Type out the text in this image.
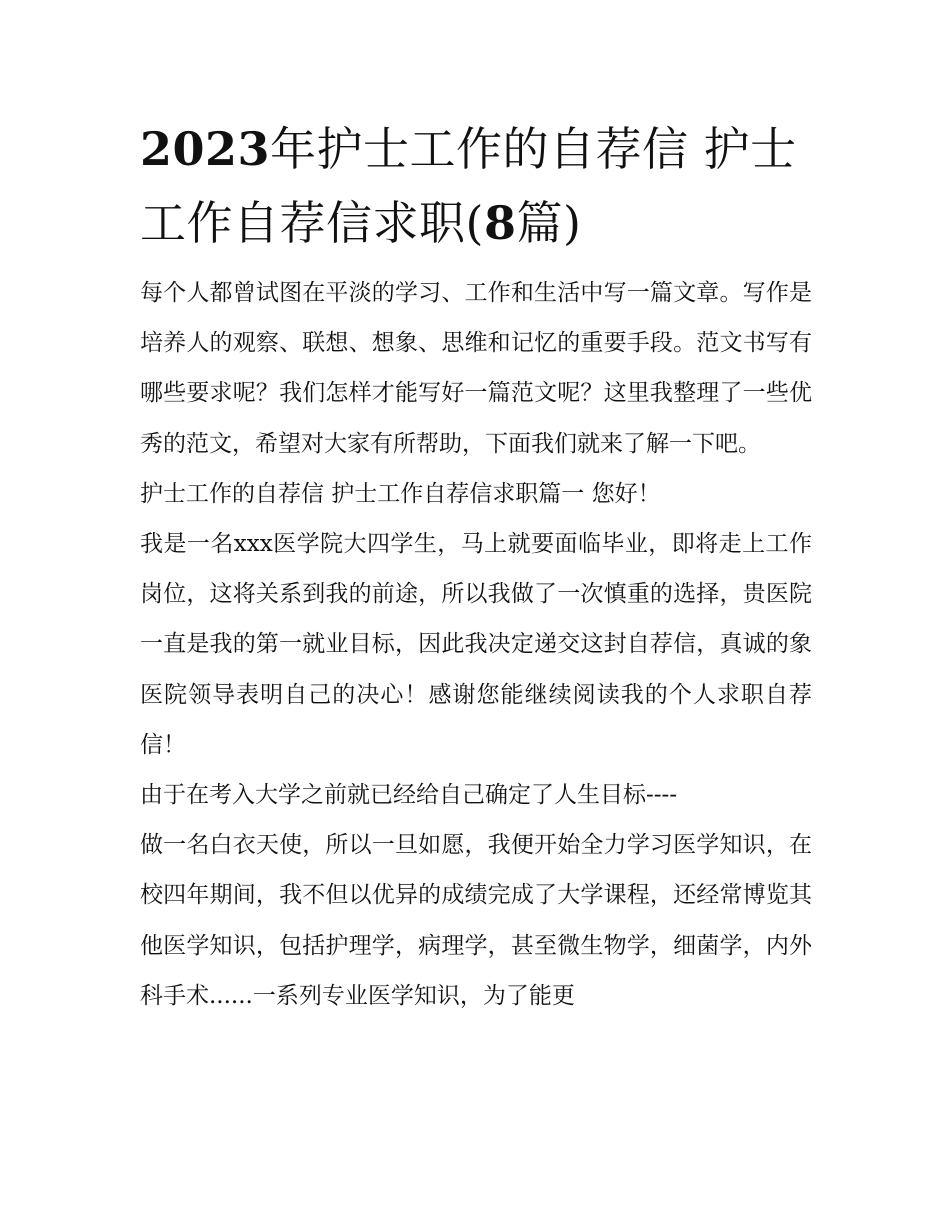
2023年护士工作的自荐信 护士工作自荐信求职(8篇)

每个人都曾试图在平淡的学习、工作和生活中写一篇文章。写作是培养人的观察、联想、想象、思维和记忆的重要手段。范文书写有哪些要求呢？我们怎样才能写好一篇范文呢？这里我整理了一些优秀的范文，希望对大家有所帮助，下面我们就来了解一下吧。

护士工作的自荐信 护士工作自荐信求职篇一 您好！

我是一名xxx医学院大四学生，马上就要面临毕业，即将走上工作岗位，这将关系到我的前途，所以我做了一次慎重的选择，贵医院一直是我的第一就业目标，因此我决定递交这封自荐信，真诚的象医院领导表明自己的决心！感谢您能继续阅读我的个人求职自荐信！

由于在考入大学之前就已经给自己确定了人生目标----

做一名白衣天使，所以一旦如愿，我便开始全力学习医学知识，在校四年期间，我不但以优异的成绩完成了大学课程，还经常博览其他医学知识，包括护理学，病理学，甚至微生物学，细菌学，内外科手术......一系列专业医学知识，为了能更
